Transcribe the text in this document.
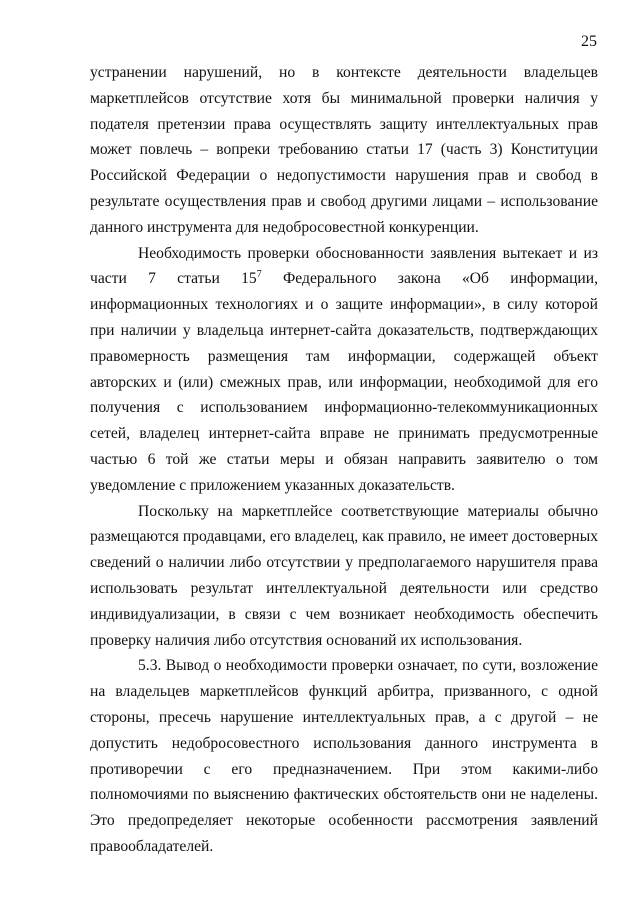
25

устранении нарушений, но в контексте деятельности владельцев маркетплейсов отсутствие хотя бы минимальной проверки наличия у подателя претензии права осуществлять защиту интеллектуальных прав может повлечь – вопреки требованию статьи 17 (часть 3) Конституции Российской Федерации о недопустимости нарушения прав и свобод в результате осуществления прав и свобод другими лицами – использование данного инструмента для недобросовестной конкуренции.

Необходимость проверки обоснованности заявления вытекает и из части 7 статьи $15^7$ Федерального закона «Об информации, информационных технологиях и о защите информации», в силу которой при наличии у владельца интернет-сайта доказательств, подтверждающих правомерность размещения там информации, содержащей объект авторских и (или) смежных прав, или информации, необходимой для его получения с использованием информационно-телекоммуникационных сетей, владелец интернет-сайта вправе не принимать предусмотренные частью 6 той же статьи меры и обязан направить заявителю о том уведомление с приложением указанных доказательств.

Поскольку на маркетплейсе соответствующие материалы обычно размещаются продавцами, его владелец, как правило, не имеет достоверных сведений о наличии либо отсутствии у предполагаемого нарушителя права использовать результат интеллектуальной деятельности или средство индивидуализации, в связи с чем возникает необходимость обеспечить проверку наличия либо отсутствия оснований их использования.

5.3. Вывод о необходимости проверки означает, по сути, возложение на владельцев маркетплейсов функций арбитра, призванного, с одной стороны, пресечь нарушение интеллектуальных прав, а с другой – не допустить недобросовестного использования данного инструмента в противоречии с его предназначением. При этом какими-либо полномочиями по выяснению фактических обстоятельств они не наделены. Это предопределяет некоторые особенности рассмотрения заявлений правообладателей.
